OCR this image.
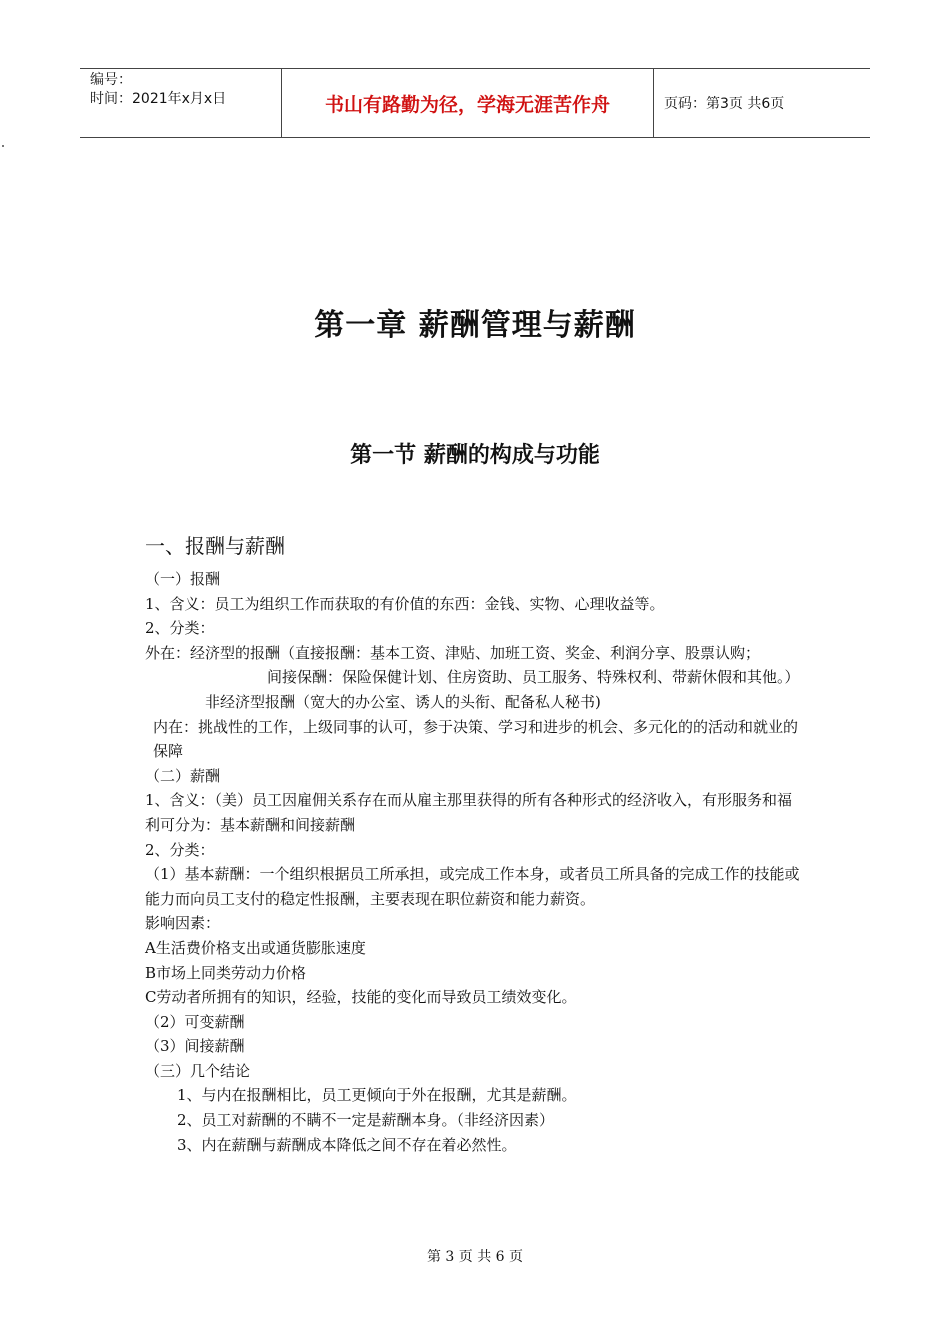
编号：
时间：2021年x月x日	书山有路勤为径，学海无涯苦作舟	页码：第3页 共6页
第一章 薪酬管理与薪酬
第一节 薪酬的构成与功能
一、报酬与薪酬
（一）报酬
1、含义：员工为组织工作而获取的有价值的东西：金钱、实物、心理收益等。
2、分类：
外在：经济型的报酬（直接报酬：基本工资、津贴、加班工资、奖金、利润分享、股票认购；
间接保酬：保险保健计划、住房资助、员工服务、特殊权利、带薪休假和其他。）
非经济型报酬（宽大的办公室、诱人的头衔、配备私人秘书)
内在：挑战性的工作，上级同事的认可，参于决策、学习和进步的机会、多元化的的活动和就业的保障
（二）薪酬
1、含义：（美）员工因雇佣关系存在而从雇主那里获得的所有各种形式的经济收入，有形服务和福利可分为：基本薪酬和间接薪酬
2、分类：
（1）基本薪酬：一个组织根据员工所承担，或完成工作本身，或者员工所具备的完成工作的技能或能力而向员工支付的稳定性报酬，主要表现在职位薪资和能力薪资。
影响因素：
A生活费价格支出或通货膨胀速度
B市场上同类劳动力价格
C劳动者所拥有的知识，经验，技能的变化而导致员工绩效变化。
（2）可变薪酬
（3）间接薪酬
（三）几个结论
1、与内在报酬相比，员工更倾向于外在报酬，尤其是薪酬。
2、员工对薪酬的不瞒不一定是薪酬本身。（非经济因素）
3、内在薪酬与薪酬成本降低之间不存在着必然性。
第 3 页 共 6 页
